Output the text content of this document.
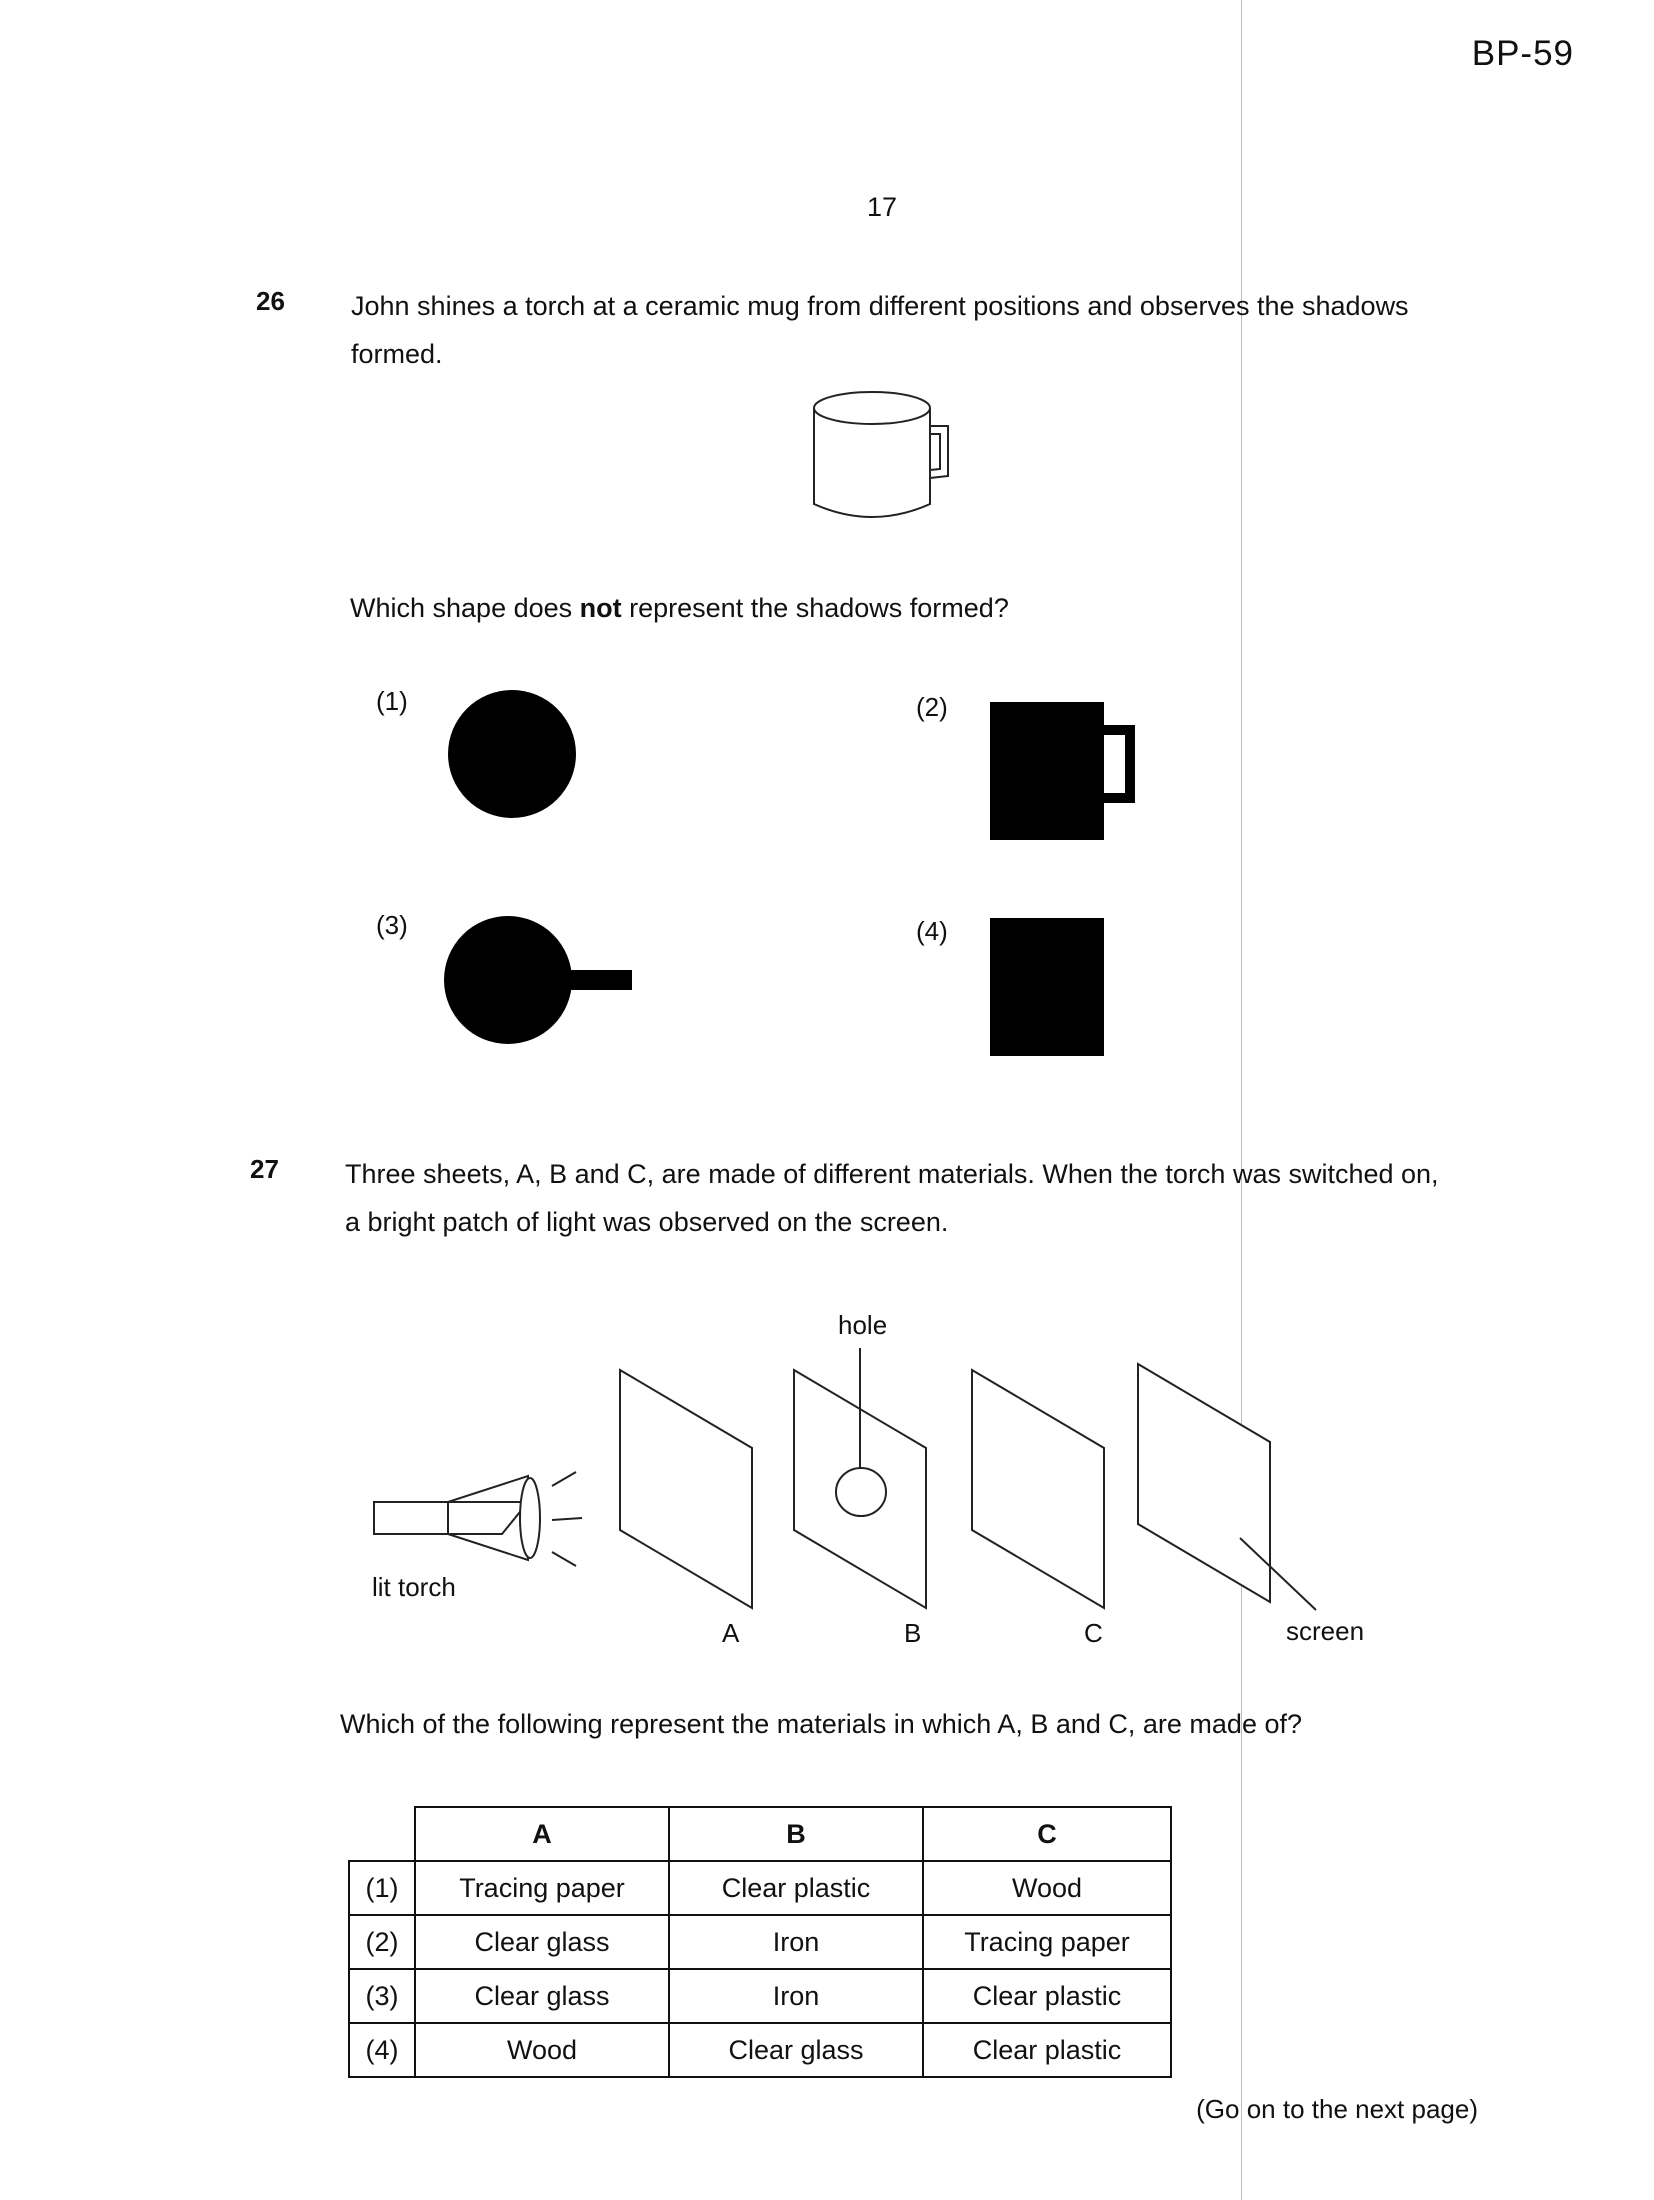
BP-59
17
26 John shines a torch at a ceramic mug from different positions and observes the shadows
formed.
Which shape does not represent the shadows formed?
(1)	(2)
(3)	(4)
27 Three sheets, A, B and C, are made of different materials. When the torch was switched on,
a bright patch of light was observed on the screen.
hole
lit torch
A	B	C	screen
Which of the following represent the materials in which A, B and C, are made of?
	A	B	C
(1)	Tracing paper	Clear plastic	Wood
(2)	Clear glass	Iron	Tracing paper
(3)	Clear glass	Iron	Clear plastic
(4)	Wood	Clear glass	Clear plastic
(Go on to the next page)
